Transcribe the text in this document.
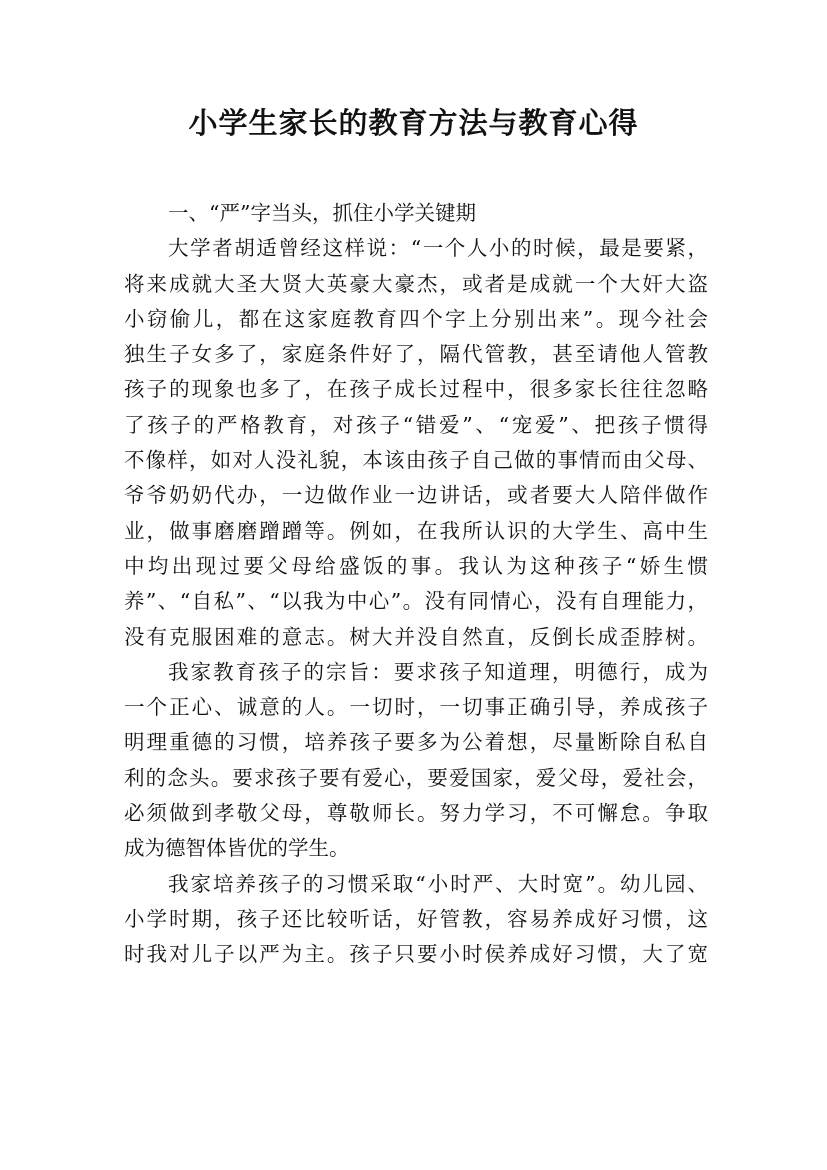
小学生家长的教育方法与教育心得
一、“严”字当头，抓住小学关键期
大学者胡适曾经这样说：“一个人小的时候，最是要紧，
将来成就大圣大贤大英豪大豪杰，或者是成就一个大奸大盗
小窃偷儿，都在这家庭教育四个字上分别出来”。现今社会
独生子女多了，家庭条件好了，隔代管教，甚至请他人管教
孩子的现象也多了，在孩子成长过程中，很多家长往往忽略
了孩子的严格教育，对孩子“错爱”、“宠爱”、把孩子惯得
不像样，如对人没礼貌，本该由孩子自己做的事情而由父母、
爷爷奶奶代办，一边做作业一边讲话，或者要大人陪伴做作
业，做事磨磨蹭蹭等。例如，在我所认识的大学生、高中生
中均出现过要父母给盛饭的事。我认为这种孩子“娇生惯
养”、“自私”、“以我为中心”。没有同情心，没有自理能力，
没有克服困难的意志。树大并没自然直，反倒长成歪脖树。
我家教育孩子的宗旨：要求孩子知道理，明德行，成为
一个正心、诚意的人。一切时，一切事正确引导，养成孩子
明理重德的习惯，培养孩子要多为公着想，尽量断除自私自
利的念头。要求孩子要有爱心，要爱国家，爱父母，爱社会，
必须做到孝敬父母，尊敬师长。努力学习，不可懈怠。争取
成为德智体皆优的学生。
我家培养孩子的习惯采取“小时严、大时宽”。幼儿园、
小学时期，孩子还比较听话，好管教，容易养成好习惯，这
时我对儿子以严为主。孩子只要小时侯养成好习惯，大了宽
